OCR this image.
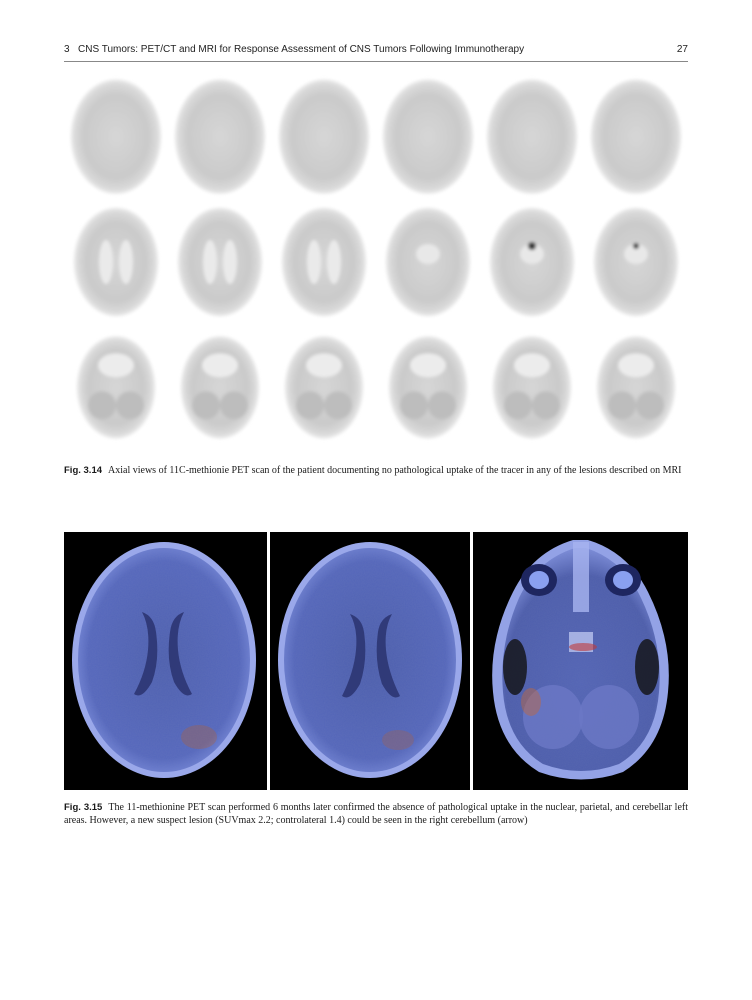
3 CNS Tumors: PET/CT and MRI for Response Assessment of CNS Tumors Following Immunotherapy	27
Fig. 3.14 Axial views of 11C-methionie PET scan of the patient documenting no pathological uptake of the tracer in any of the lesions described on MRI
Fig. 3.15 The 11-methionine PET scan performed 6 months later confirmed the absence of pathological uptake in the nuclear, parietal, and cerebellar left areas. However, a new suspect lesion (SUVmax 2.2; controlateral 1.4) could be seen in the right cerebellum (arrow)
